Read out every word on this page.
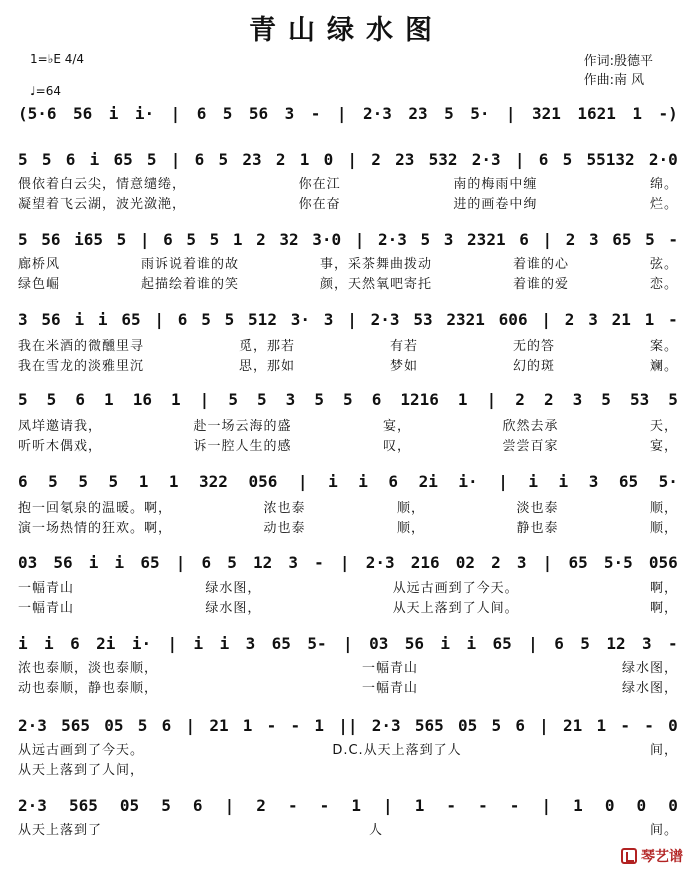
青山绿水图
1=♭E 4/4
♩=64
作词:殷德平
作曲:南 风
(5·6 56 i i· | 6 5 56 3 - | 2·3 23 5 5· | 321 1621 1 -)
5 5 6 i 65 5 | 6 5 23 2 1 0 | 2 23 532 2·3 | 6 5 55132 2·0
偎依着白云尖，情意缱绻，	你在江	南的梅雨中缠	绵。
凝望着飞云湖，波光潋滟，	你在奋	进的画卷中绚	烂。
5 56 i65 5 | 6 5 5 1 2 32 3·0 | 2·3 5 3 2321 6 | 2 3 65 5 -
廊桥风	雨诉说着谁的故	事，采茶舞曲拨动	着谁的心	弦。
绿色崛	起描绘着谁的笑	颜，天然氧吧寄托	着谁的爱	恋。
3 56 i i 65 | 6 5 5 512 3· 3 | 2·3 53 2321 606 | 2 3 21 1 -
我在米酒的微醺里寻	觅，那若	有若	无的答	案。
我在雪龙的淡雅里沉	思，那如	梦如	幻的斑	斓。
5 5 6 1 16 1 | 5 5 3 5 5 6 1216 1 | 2 2 3 5 53 5
凤垟邀请我，	赴一场云海的盛	宴，	欣然去承	天，
听听木偶戏，	诉一腔人生的感	叹，	尝尝百家	宴，
6 5 5 5 1 1 322 056 | i i 6 2i i· | i i 3 65 5·
抱一回氡泉的温暖。啊，	浓也泰	顺，	淡也泰	顺，
演一场热情的狂欢。啊，	动也泰	顺，	静也泰	顺，
03 56 i i 65 | 6 5 12 3 - | 2·3 216 02 2 3 | 65 5·5 056
一幅青山	绿水图，	从远古画到了今天。	啊，
一幅青山	绿水图，	从天上落到了人间。	啊，
i i 6 2i i· | i i 3 65 5- | 03 56 i i 65 | 6 5 12 3 -
浓也泰顺，淡也泰顺，	一幅青山	绿水图，
动也泰顺，静也泰顺，	一幅青山	绿水图，
2·3 565 05 5 6 | 21 1 - - 1 || 2·3 565 05 5 6 | 21 1 - - 0
从远古画到了今天。	D.C.从天上落到了人	间，
从天上落到了人间，
2·3 565 05 5 6 | 2 - - 1 | 1 - - - | 1 0 0 0
从天上落到了	人	间。
琴艺谱
